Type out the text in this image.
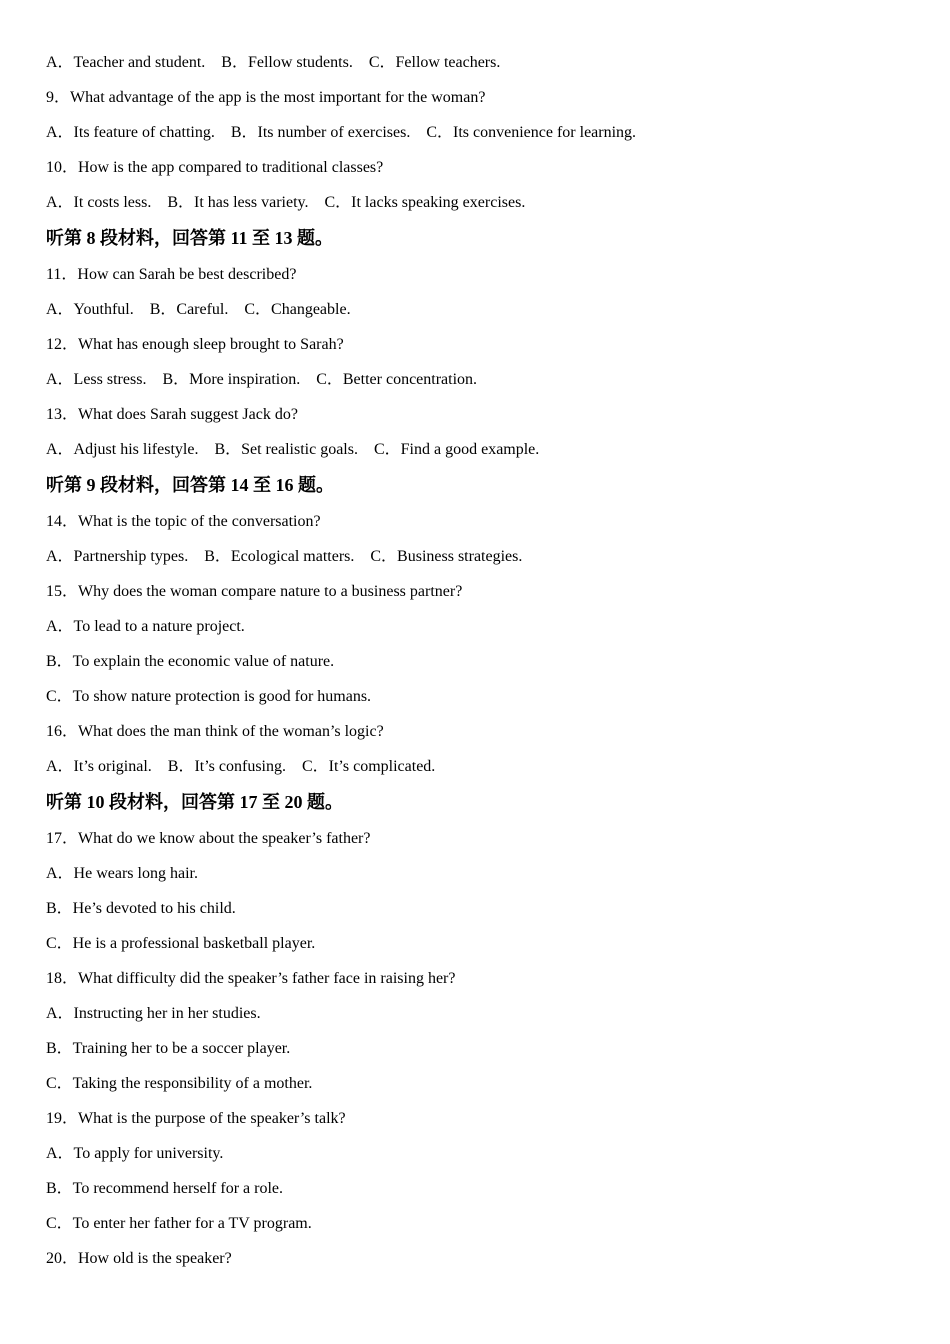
A．Teacher and student.    B．Fellow students.    C．Fellow teachers.
9．What advantage of the app is the most important for the woman?
A．Its feature of chatting.    B．Its number of exercises.    C．Its convenience for learning.
10．How is the app compared to traditional classes?
A．It costs less.    B．It has less variety.    C．It lacks speaking exercises.
听第 8 段材料，回答第 11 至 13 题。
11．How can Sarah be best described?
A．Youthful.    B．Careful.    C．Changeable.
12．What has enough sleep brought to Sarah?
A．Less stress.    B．More inspiration.    C．Better concentration.
13．What does Sarah suggest Jack do?
A．Adjust his lifestyle.    B．Set realistic goals.    C．Find a good example.
听第 9 段材料，回答第 14 至 16 题。
14．What is the topic of the conversation?
A．Partnership types.    B．Ecological matters.    C．Business strategies.
15．Why does the woman compare nature to a business partner?
A．To lead to a nature project.
B．To explain the economic value of nature.
C．To show nature protection is good for humans.
16．What does the man think of the woman’s logic?
A．It’s original.    B．It’s confusing.    C．It’s complicated.
听第 10 段材料，回答第 17 至 20 题。
17．What do we know about the speaker’s father?
A．He wears long hair.
B．He’s devoted to his child.
C．He is a professional basketball player.
18．What difficulty did the speaker’s father face in raising her?
A．Instructing her in her studies.
B．Training her to be a soccer player.
C．Taking the responsibility of a mother.
19．What is the purpose of the speaker’s talk?
A．To apply for university.
B．To recommend herself for a role.
C．To enter her father for a TV program.
20．How old is the speaker?
